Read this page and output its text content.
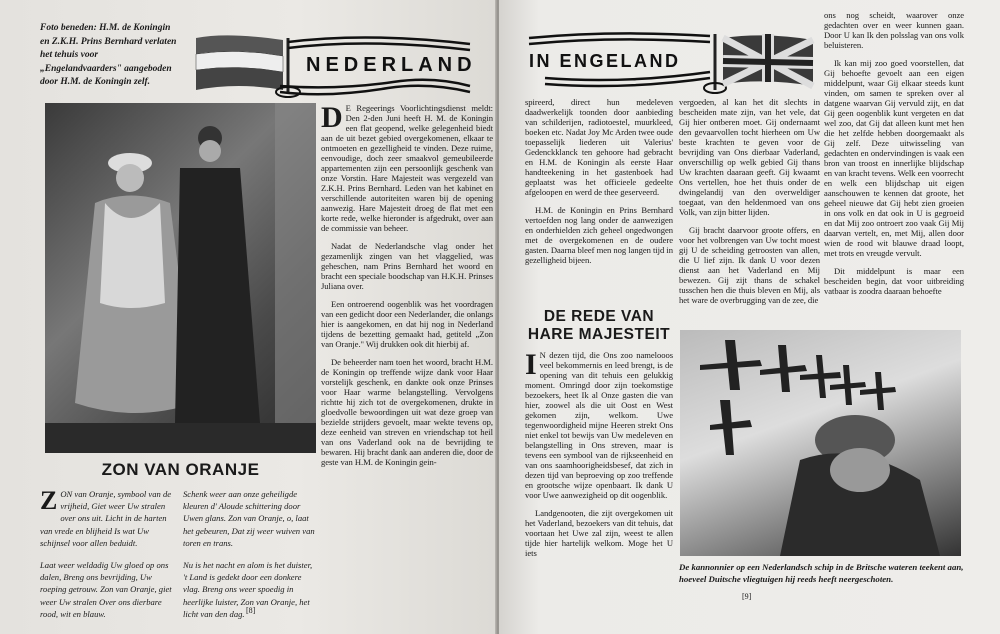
Foto beneden: H.M. de Koningin en Z.K.H. Prins Bernhard verlaten het tehuis voor „Engelandvaarders" aangeboden door H.M. de Koningin zelf.
NEDERLAND

D E Regeerings Voorlichtingsdienst meldt: Den 2-den Juni heeft H. M. de Koningin een flat geopend, welke gelegenheid biedt aan de uit bezet gebied overgekomenen, elkaar te ontmoeten en gezelligheid te vinden. Deze ruime, eenvoudige, doch zeer smaakvol gemeubileerde appartementen zijn een persoonlijk geschenk van onze Vorstin. Hare Majesteit was vergezeld van Z.K.H. Prins Bernhard. Leden van het kabinet en verschillende autoriteiten waren bij de opening aanwezig. Hare Majesteit droeg de flat met een korte rede, welke hieronder is afgedrukt, over aan de commissie van beheer.

Nadat de Nederlandsche vlag onder het gezamenlijk zingen van het vlaggelied, was geheschen, nam Prins Bernhard het woord en bracht een speciale boodschap van H.K.H. Prinses Juliana over.

Een ontroerend oogenblik was het voordragen van een gedicht door een Nederlander, die onlangs hier is aangekomen, en dat hij nog in Nederland tijdens de bezetting gemaakt had, getiteld „Zon van Oranje." Wij drukken ook dit hierbij af.

De beheerder nam toen het woord, bracht H.M. de Koningin op treffende wijze dank voor Haar vorstelijk geschenk, en dankte ook onze Prinses voor Haar warme belangstelling. Vervolgens richtte hij zich tot de overgekomenen, drukte in gloedvolle bewoordingen uit wat deze groep van bezielde strijders gevoelt, maar wekte tevens op, deze eenheid van streven en vriendschap tot heil van ons Vaderland ook na de bevrijding te bewaren. Hij bracht dank aan anderen die, door de geste van H.M. de Koningin gein-

ZON VAN ORANJE

ZON van Oranje, symbool van de vrijheid, Giet weer Uw stralen over ons uit. Licht in de harten van vrede en blijheid Is wat Uw schijnsel voor allen beduidt.

Laat weer weldadig Uw gloed op ons dalen, Breng ons bevrijding, Uw roeping getrouw. Zon van Oranje, giet weer Uw stralen Over ons dierbare rood, wit en blauw.

Schenk weer aan onze geheiligde kleuren d' Aloude schittering door Uwen glans. Zon van Oranje, o, laat het gebeuren, Dat zij weer wuiven van toren en trans.

Nu is het nacht en alom is het duister, 't Land is gedekt door een donkere vlag. Breng ons weer spoedig in heerlijke luister, Zon van Oranje, het licht van den dag. [8]
IN ENGELAND

spireerd, direct hun medeleven daadwerkelijk toonden door aanbieding van schilderijen, radiotoestel, muurkleed, boeken etc. Nadat Joy Mc Arden twee oude toepasselijk liederen uit Valerius' Gedenckklanck ten gehoore had gebracht en H.M. de Koningin als eerste Haar handteekening in het gastenboek had geplaatst was het officieele gedeelte afgeloopen en werd de thee geserveerd.

H.M. de Koningin en Prins Bernhard vertoefden nog lang onder de aanwezigen en onderhielden zich geheel ongedwongen met de overgekomenen en de oudere gasten. Daarna bleef men nog langen tijd in gezelligheid bijeen.

DE REDE VAN
HARE MAJESTEIT

I N dezen tijd, die Ons zoo namelooos veel bekommernis en leed brengt, is de opening van dit tehuis een gelukkig moment. Omringd door zijn toekomstige bezoekers, heet Ik al Onze gasten die van hier, zoowel als die uit Oost en West gekomen zijn, welkom. Uwe tegenwoordigheid mijne Heeren strekt Ons niet enkel tot bewijs van Uw medeleven en belangstelling in Ons streven, maar is tevens een symbool van de rijkseenheid en van ons saamhoorigheidsbesef, dat zich in dezen tijd van beproeving op zoo treffende en grootsche wijze openbaart. Ik dank U voor Uwe aanwezigheid op dit oogenblik.

Landgenooten, die zijt overgekomen uit het Vaderland, bezoekers van dit tehuis, dat voortaan het Uwe zal zijn, weest te allen tijde hier hartelijk welkom. Moge het U iets

vergoeden, al kan het dit slechts in bescheiden mate zijn, van het vele, dat Gij hier ontberen moet. Gij ondernaamt den gevaarvollen tocht hierheen om Uw beste krachten te geven voor de bevrijding van Ons dierbaar Vaderland, onverschillig op welk gebied Gij thans Uw krachten daaraan geeft. Gij kwaamt Ons vertellen, hoe het thuis onder de dwingelandij van den overweldiger toegaat, van den heldenmoed van ons Volk, van zijn bitter lijden.

Gij bracht daarvoor groote offers, en voor het volbrengen van Uw tocht moest gij U de scheiding getroosten van allen, die U lief zijn. Ik dank U voor dezen dienst aan het Vaderland en Mij bewezen. Gij zijt thans de schakel tusschen hen die thuis bleven en Mij, als het ware de overbrugging van de zee, die

ons nog scheidt, waarover onze gedachten over en weer kunnen gaan. Door U kan Ik den polsslag van ons volk beluisteren.

Ik kan mij zoo goed voorstellen, dat Gij behoefte gevoelt aan een eigen middelpunt, waar Gij elkaar steeds kunt vinden, om samen te spreken over al datgene waarvan Gij vervuld zijt, en dat Gij geen oogenblik kunt vergeten en dat wel zoo, dat Gij dat alleen kunt met hen die het zelfde hebben doorgemaakt als Gij zelf. Deze uitwisseling van gedachten en ondervindingen is vaak een bron van troost en innerlijke blijdschap en van kracht tevens. Welk een voorrecht en welk een blijdschap uit eigen aanschouwen te kennen dat groote, het geheel nieuwe dat Gij hebt zien groeien in ons volk en dat ook in U is gegroeid en dat Mij zoo ontroert zoo vaak Gij Mij daarvan vertelt, en, met Mij, allen door wien de rood wit blauwe draad loopt, met trots en vreugde vervult.

Dit middelpunt is maar een bescheiden begin, dat voor uitbreiding vatbaar is zoodra daaraan behoefte

De kannonnier op een Nederlandsch schip in de Britsche wateren teekent aan, hoeveel Duitsche vliegtuigen hij reeds heeft neergeschoten.
[9]
